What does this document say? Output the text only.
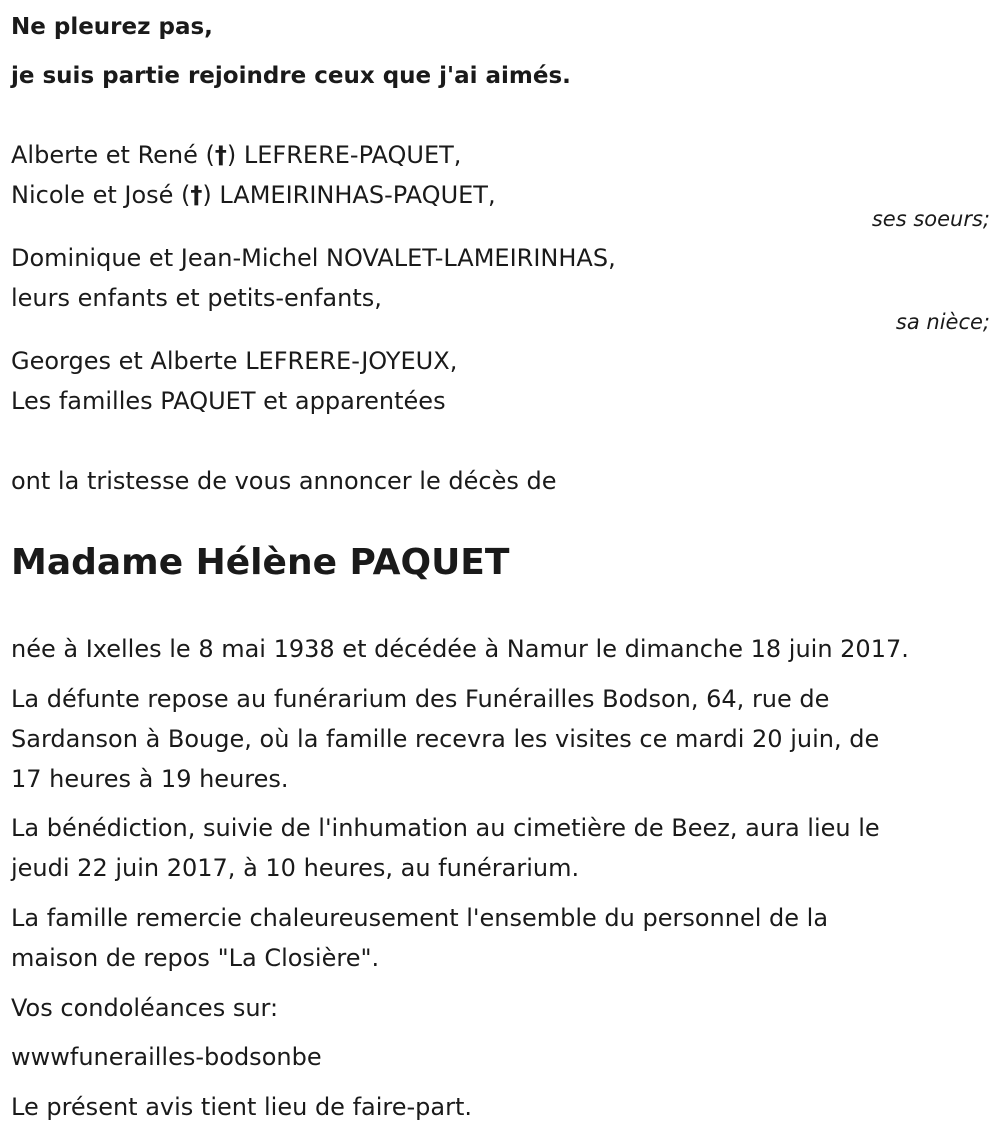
Ne pleurez pas,
je suis partie rejoindre ceux que j'ai aimés.
Alberte et René (†) LEFRERE-PAQUET,
Nicole et José (†) LAMEIRINHAS-PAQUET,
ses soeurs;
Dominique et Jean-Michel NOVALET-LAMEIRINHAS,
leurs enfants et petits-enfants,
sa nièce;
Georges et Alberte LEFRERE-JOYEUX,
Les familles PAQUET et apparentées
ont la tristesse de vous annoncer le décès de
Madame Hélène PAQUET
née à Ixelles le 8 mai 1938 et décédée à Namur le dimanche 18 juin 2017.
La défunte repose au funérarium des Funérailles Bodson, 64, rue de
Sardanson à Bouge, où la famille recevra les visites ce mardi 20 juin, de
17 heures à 19 heures.
La bénédiction, suivie de l'inhumation au cimetière de Beez, aura lieu le
jeudi 22 juin 2017, à 10 heures, au funérarium.
La famille remercie chaleureusement l'ensemble du personnel de la
maison de repos "La Closière".
Vos condoléances sur:
wwwfunerailles-bodsonbe
Le présent avis tient lieu de faire-part.
